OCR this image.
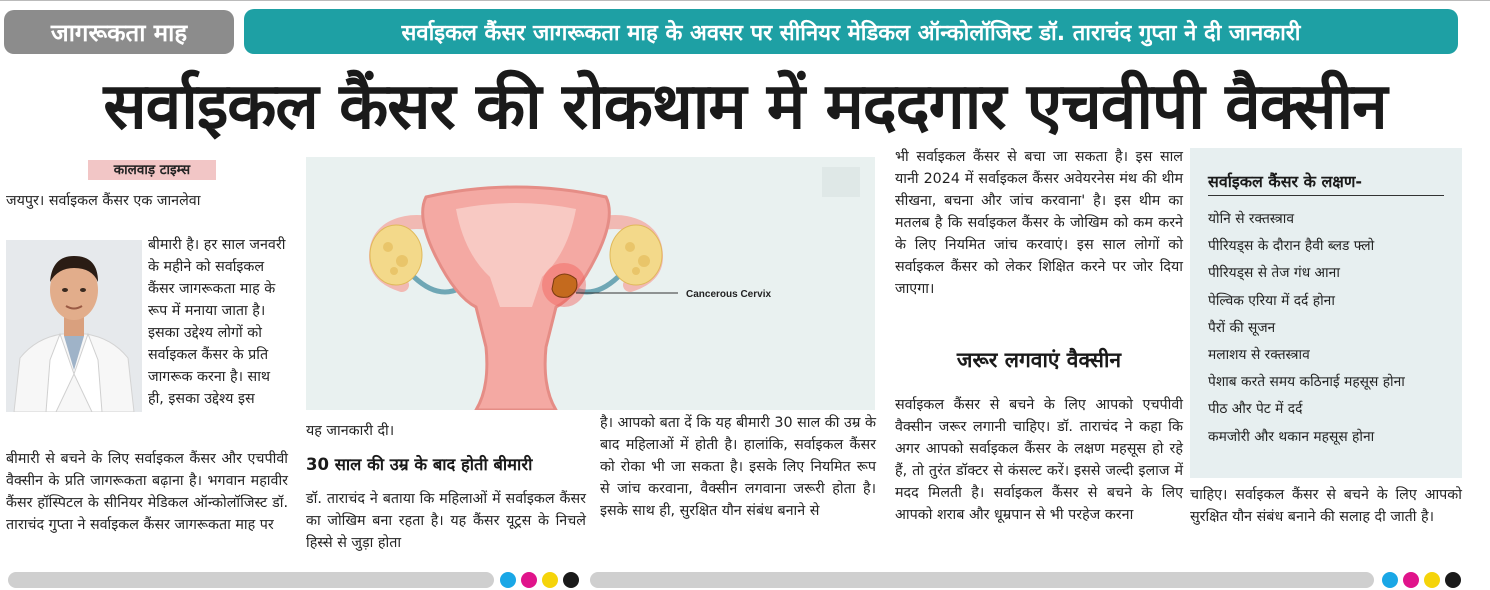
जागरूकता माह	सर्वाइकल कैंसर जागरूकता माह के अवसर पर सीनियर मेडिकल ऑन्कोलॉजिस्ट डॉ. ताराचंद गुप्ता ने दी जानकारी
सर्वाइकल कैंसर की रोकथाम में मददगार एचवीपी वैक्सीन
कालवाड़ टाइम्स
जयपुर। सर्वाइकल कैंसर एक जानलेवा
बीमारी है। हर साल जनवरी के महीने को सर्वाइकल कैंसर जागरूकता माह के रूप में मनाया जाता है। इसका उद्देश्य लोगों को सर्वाइकल कैंसर के प्रति जागरूक करना है। साथ ही, इसका उद्देश्य इस
बीमारी से बचने के लिए सर्वाइकल कैंसर और एचपीवी वैक्सीन के प्रति जागरूकता बढ़ाना है। भगवान महावीर कैंसर हॉस्पिटल के सीनियर मेडिकल ऑन्कोलॉजिस्ट डॉ. ताराचंद गुप्ता ने सर्वाइकल कैंसर जागरूकता माह पर
Cancerous Cervix
यह जानकारी दी।
30 साल की उम्र के बाद होती बीमारी
डॉ. ताराचंद ने बताया कि महिलाओं में सर्वाइकल कैंसर का जोखिम बना रहता है। यह कैंसर यूट्रस के निचले हिस्से से जुड़ा होता
है। आपको बता दें कि यह बीमारी 30 साल की उम्र के बाद महिलाओं में होती है। हालांकि, सर्वाइकल कैंसर को रोका भी जा सकता है। इसके लिए नियमित रूप से जांच करवाना, वैक्सीन लगवाना जरूरी होता है। इसके साथ ही, सुरक्षित यौन संबंध बनाने से
भी सर्वाइकल कैंसर से बचा जा सकता है। इस साल यानी 2024 में सर्वाइकल कैंसर अवेयरनेस मंथ की थीम सीखना, बचना और जांच करवाना' है। इस थीम का मतलब है कि सर्वाइकल कैंसर के जोखिम को कम करने के लिए नियमित जांच करवाएं। इस साल लोगों को सर्वाइकल कैंसर को लेकर शिक्षित करने पर जोर दिया जाएगा।
जरूर लगवाएं वैक्सीन
सर्वाइकल कैंसर से बचने के लिए आपको एचपीवी वैक्सीन जरूर लगानी चाहिए। डॉ. ताराचंद ने कहा कि अगर आपको सर्वाइकल कैंसर के लक्षण महसूस हो रहे हैं, तो तुरंत डॉक्टर से कंसल्ट करें। इससे जल्दी इलाज में मदद मिलती है। सर्वाइकल कैंसर से बचने के लिए आपको शराब और धूम्रपान से भी परहेज करना
सर्वाइकल कैंसर के लक्षण-
योनि से रक्तस्त्राव
पीरियड्स के दौरान हैवी ब्लड फ्लो
पीरियड्स से तेज गंध आना
पेल्विक एरिया में दर्द होना
पैरों की सूजन
मलाशय से रक्तस्त्राव
पेशाब करते समय कठिनाई महसूस होना
पीठ और पेट में दर्द
कमजोरी और थकान महसूस होना
चाहिए। सर्वाइकल कैंसर से बचने के लिए आपको सुरक्षित यौन संबंध बनाने की सलाह दी जाती है।
